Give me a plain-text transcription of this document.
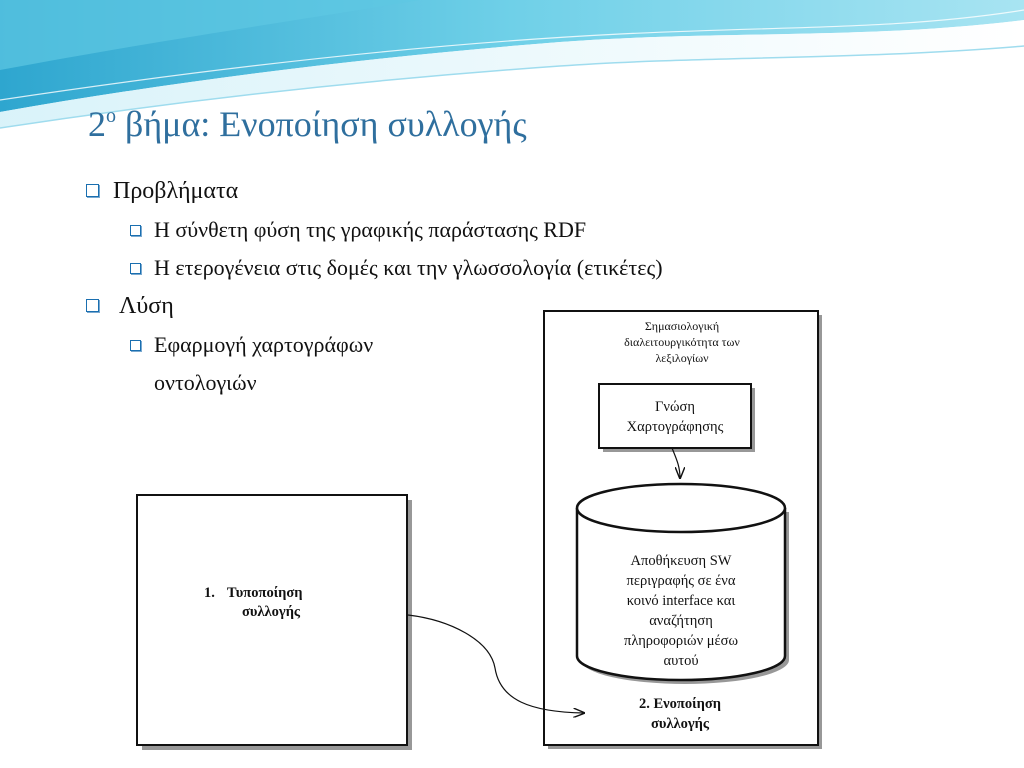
$2^o$ βήμα: Ενοποίηση συλλογής
Προβλήματα
Η σύνθετη φύση της γραφικής παράστασης RDF
Η ετερογένεια στις δομές και την γλωσσολογία (ετικέτες)
Λύση
Εφαρμογή χαρτογράφων
οντολογιών
1. Τυποποίηση
συλλογής
Σημασιολογική
διαλειτουργικότητα των
λεξιλογίων
Γνώση
Χαρτογράφησης
Αποθήκευση SW
περιγραφής σε ένα
κοινό interface και
αναζήτηση
πληροφοριών μέσω
αυτού
2. Ενοποίηση
συλλογής
